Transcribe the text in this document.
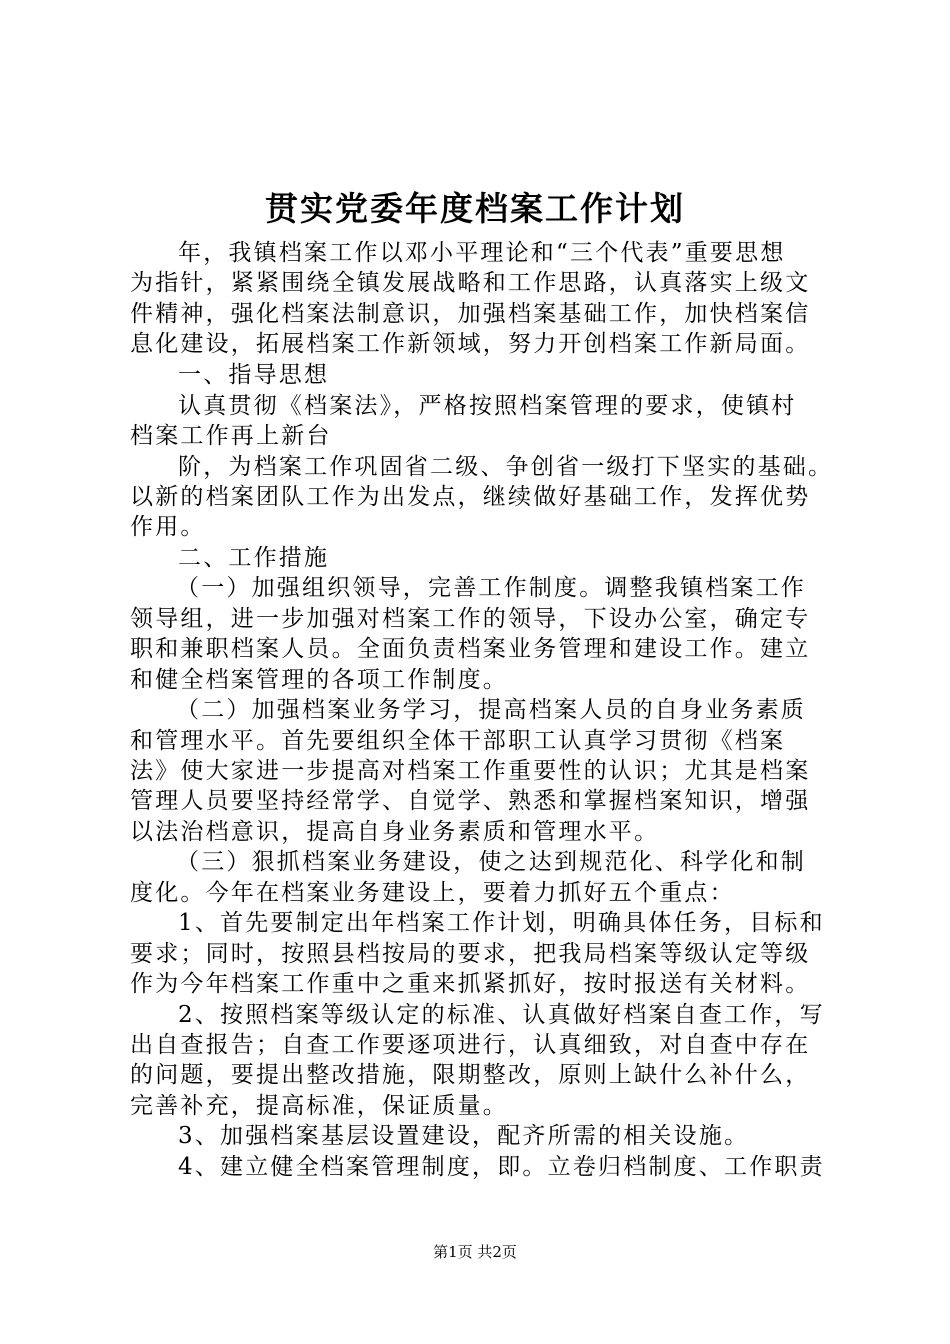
贯实党委年度档案工作计划
年，我镇档案工作以邓小平理论和“三个代表”重要思想
为指针，紧紧围绕全镇发展战略和工作思路，认真落实上级文
件精神，强化档案法制意识，加强档案基础工作，加快档案信
息化建设，拓展档案工作新领域，努力开创档案工作新局面。
一、指导思想
认真贯彻《档案法》，严格按照档案管理的要求，使镇村
档案工作再上新台
阶，为档案工作巩固省二级、争创省一级打下坚实的基础。
以新的档案团队工作为出发点，继续做好基础工作，发挥优势
作用。
二、工作措施
（一）加强组织领导，完善工作制度。调整我镇档案工作
领导组，进一步加强对档案工作的领导，下设办公室，确定专
职和兼职档案人员。全面负责档案业务管理和建设工作。建立
和健全档案管理的各项工作制度。
（二）加强档案业务学习，提高档案人员的自身业务素质
和管理水平。首先要组织全体干部职工认真学习贯彻《档案
法》使大家进一步提高对档案工作重要性的认识；尤其是档案
管理人员要坚持经常学、自觉学、熟悉和掌握档案知识，增强
以法治档意识，提高自身业务素质和管理水平。
（三）狠抓档案业务建设，使之达到规范化、科学化和制
度化。今年在档案业务建设上，要着力抓好五个重点：
1、首先要制定出年档案工作计划，明确具体任务，目标和
要求；同时，按照县档按局的要求，把我局档案等级认定等级
作为今年档案工作重中之重来抓紧抓好，按时报送有关材料。
2、按照档案等级认定的标准、认真做好档案自查工作，写
出自查报告；自查工作要逐项进行，认真细致，对自查中存在
的问题，要提出整改措施，限期整改，原则上缺什么补什么，
完善补充，提高标准，保证质量。
3、加强档案基层设置建设，配齐所需的相关设施。
4、建立健全档案管理制度，即。立卷归档制度、工作职责
第1页 共2页
